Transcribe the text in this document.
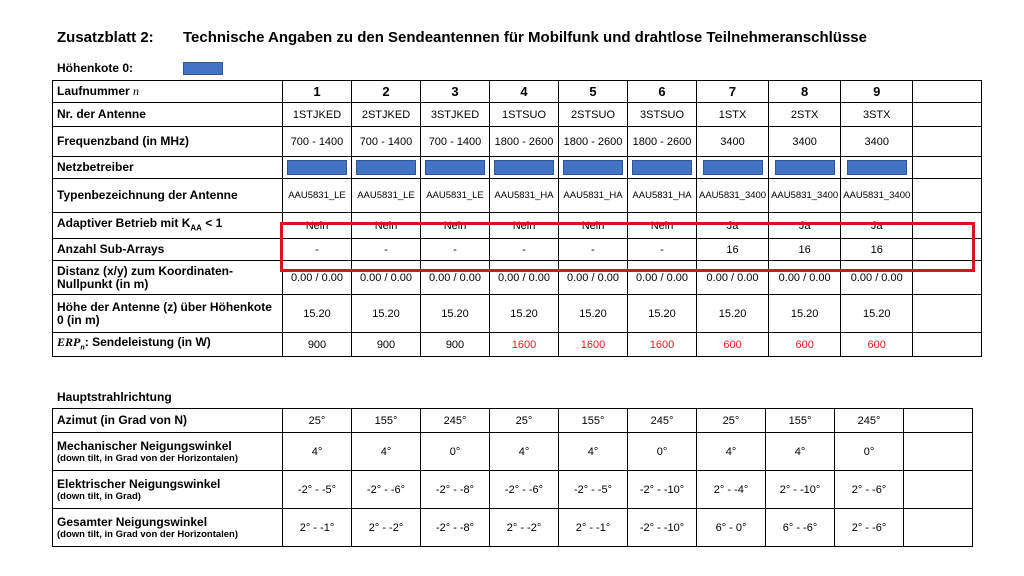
Zusatzblatt 2: Technische Angaben zu den Sendeantennen für Mobilfunk und drahtlose Teilnehmeranschlüsse
Höhenkote 0:
Laufnummer n	1	2	3	4	5	6	7	8	9	
Nr. der Antenne	1STJKED	2STJKED	3STJKED	1STSUO	2STSUO	3STSUO	1STX	2STX	3STX	
Frequenzband (in MHz)	700 - 1400	700 - 1400	700 - 1400	1800 - 2600	1800 - 2600	1800 - 2600	3400	3400	3400	
Netzbetreiber										
Typenbezeichnung der Antenne	AAU5831_LE	AAU5831_LE	AAU5831_LE	AAU5831_HA	AAU5831_HA	AAU5831_HA	AAU5831_3400	AAU5831_3400	AAU5831_3400	
Adaptiver Betrieb mit $K_{AA} < 1$	Nein	Nein	Nein	Nein	Nein	Nein	Ja	Ja	Ja	
Anzahl Sub-Arrays	-	-	-	-	-	-	16	16	16	
Distanz (x/y) zum Koordinaten-Nullpunkt (in m)	0.00 / 0.00	0.00 / 0.00	0.00 / 0.00	0.00 / 0.00	0.00 / 0.00	0.00 / 0.00	0.00 / 0.00	0.00 / 0.00	0.00 / 0.00	
Höhe der Antenne (z) über Höhenkote 0 (in m)	15.20	15.20	15.20	15.20	15.20	15.20	15.20	15.20	15.20	
$ERP_n$: Sendeleistung (in W)	900	900	900	1600	1600	1600	600	600	600	
Hauptstrahlrichtung
Azimut (in Grad von N)	25°	155°	245°	25°	155°	245°	25°	155°	245°	
Mechanischer Neigungswinkel
(down tilt, in Grad von der Horizontalen)	4°	4°	0°	4°	4°	0°	4°	4°	0°	
Elektrischer Neigungswinkel
(down tilt, in Grad)	-2° - -5°	-2° - -6°	-2° - -8°	-2° - -6°	-2° - -5°	-2° - -10°	2° - -4°	2° - -10°	2° - -6°	
Gesamter Neigungswinkel
(down tilt, in Grad von der Horizontalen)	2° - -1°	2° - -2°	-2° - -8°	2° - -2°	2° - -1°	-2° - -10°	6° - 0°	6° - -6°	2° - -6°	
